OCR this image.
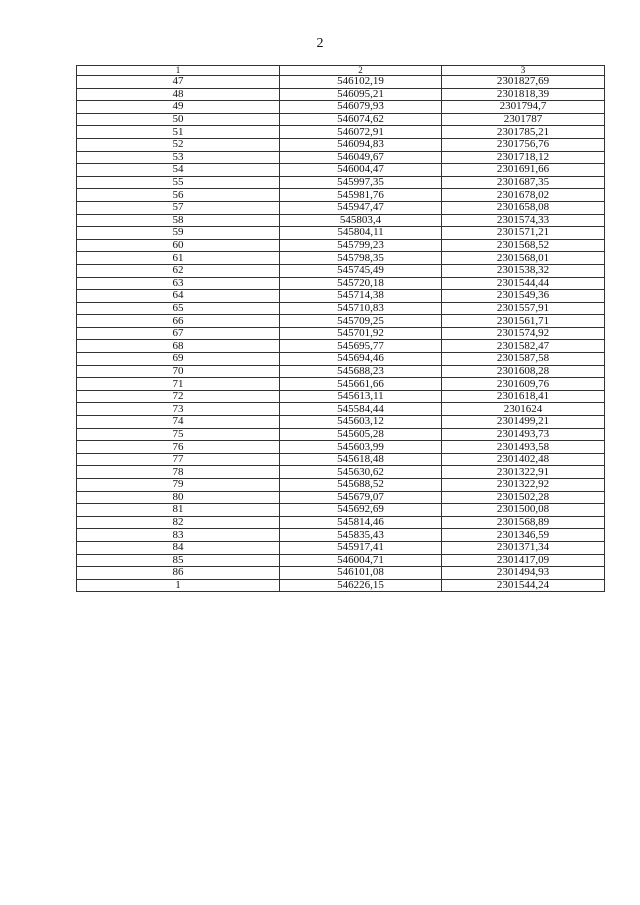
2
1	2	3
47	546102,19	2301827,69
48	546095,21	2301818,39
49	546079,93	2301794,7
50	546074,62	2301787
51	546072,91	2301785,21
52	546094,83	2301756,76
53	546049,67	2301718,12
54	546004,47	2301691,66
55	545997,35	2301687,35
56	545981,76	2301678,02
57	545947,47	2301658,08
58	545803,4	2301574,33
59	545804,11	2301571,21
60	545799,23	2301568,52
61	545798,35	2301568,01
62	545745,49	2301538,32
63	545720,18	2301544,44
64	545714,38	2301549,36
65	545710,83	2301557,91
66	545709,25	2301561,71
67	545701,92	2301574,92
68	545695,77	2301582,47
69	545694,46	2301587,58
70	545688,23	2301608,28
71	545661,66	2301609,76
72	545613,11	2301618,41
73	545584,44	2301624
74	545603,12	2301499,21
75	545605,28	2301493,73
76	545603,99	2301493,58
77	545618,48	2301402,48
78	545630,62	2301322,91
79	545688,52	2301322,92
80	545679,07	2301502,28
81	545692,69	2301500,08
82	545814,46	2301568,89
83	545835,43	2301346,59
84	545917,41	2301371,34
85	546004,71	2301417,09
86	546101,08	2301494,93
1	546226,15	2301544,24
